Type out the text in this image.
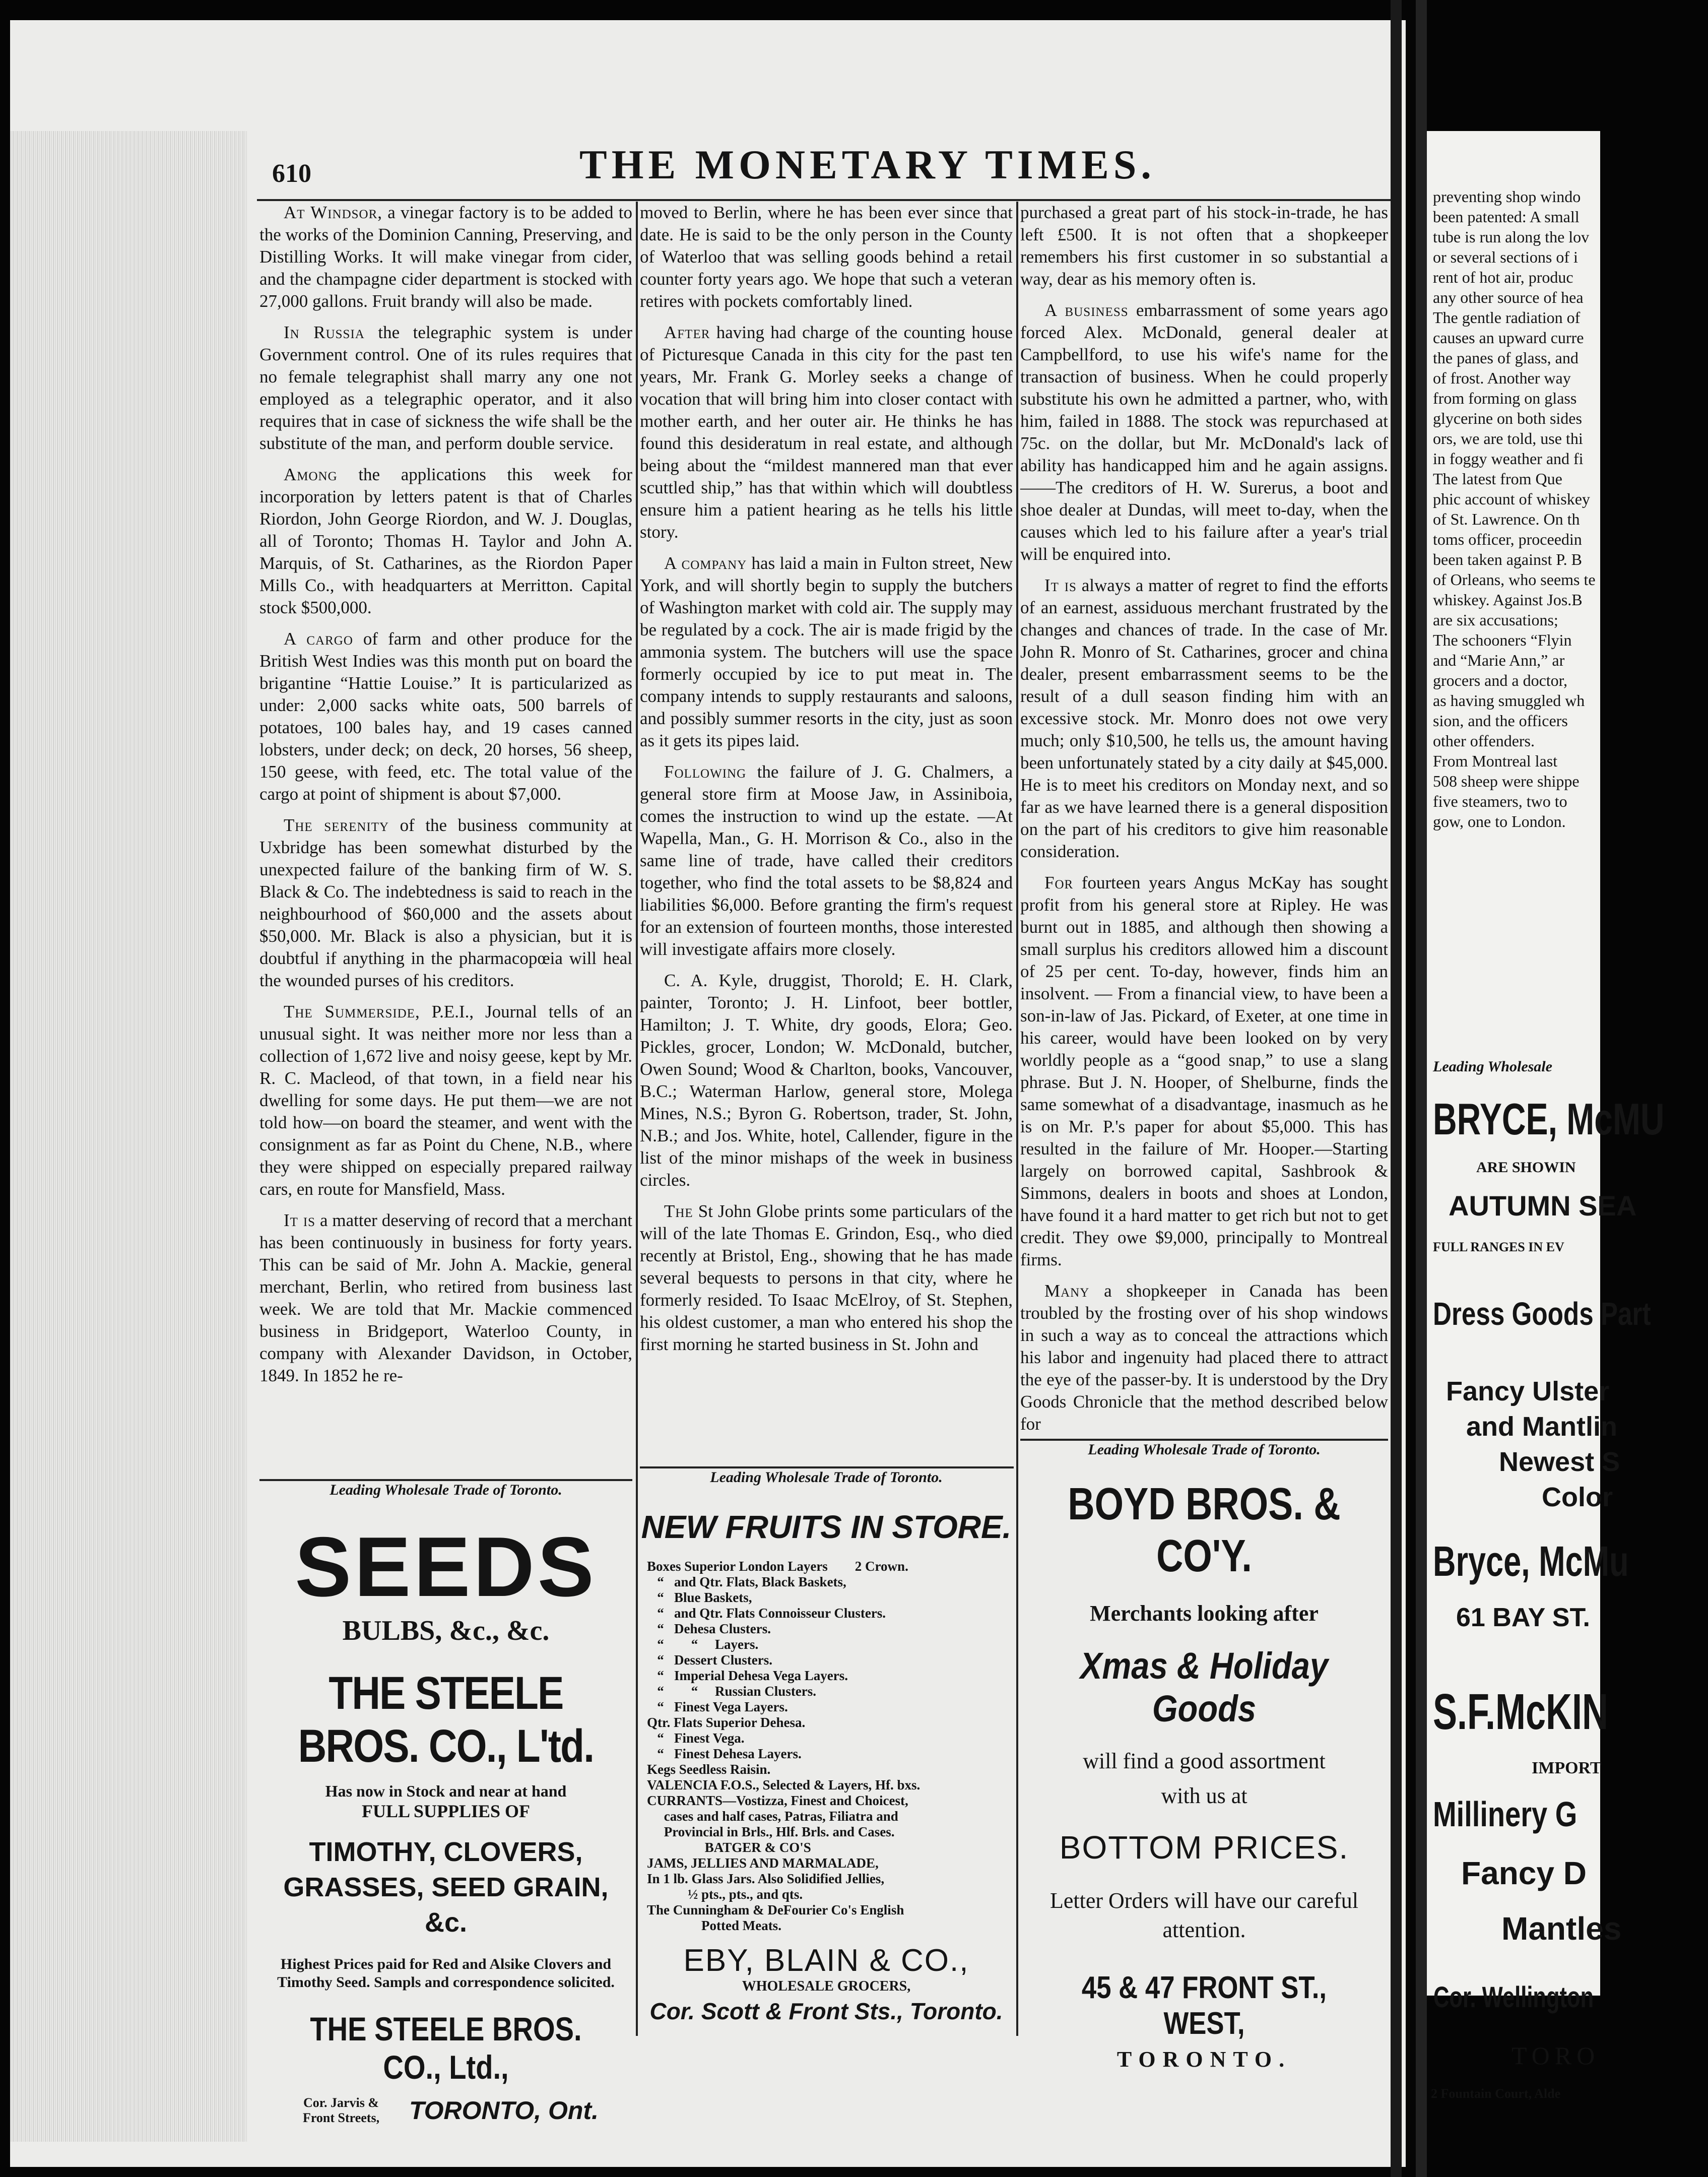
preventing shop windo
been patented: A small
tube is run along the lov
or several sections of i
rent of hot air, produc
any other source of hea
The gentle radiation of
causes an upward curre
the panes of glass, and
of frost. Another way
from forming on glass
glycerine on both sides
ors, we are told, use thi
in foggy weather and fi
The latest from Que
phic account of whiskey
of St. Lawrence. On th
toms officer, proceedin
been taken against P. B
of Orleans, who seems te
whiskey. Against Jos.B
are six accusations;
The schooners “Flyin
and “Marie Ann,” ar
grocers and a doctor,
as having smuggled wh
sion, and the officers
other offenders.
From Montreal last
508 sheep were shippe
five steamers, two to
gow, one to London.
Leading Wholesale
BRYCE, McMU
ARE SHOWIN
AUTUMN SEA
FULL RANGES IN EV
Dress Goods Part
Fancy Ulster
and Mantlin
Newest S
Color
Bryce, McMu
61 BAY ST.
S.F.McKIN
IMPORT
Millinery G
Fancy D
Mantles
Cor. Wellington
TORO
2 Fountain Court, Alde
610	THE MONETARY TIMES.

At Windsor, a vinegar factory is to be added to the works of the Dominion Canning, Preserving, and Distilling Works. It will make vinegar from cider, and the champagne cider department is stocked with 27,000 gallons. Fruit brandy will also be made.

In Russia the telegraphic system is under Government control. One of its rules requires that no female telegraphist shall marry any one not employed as a telegraphic operator, and it also requires that in case of sickness the wife shall be the substitute of the man, and perform double service.

Among the applications this week for incorporation by letters patent is that of Charles Riordon, John George Riordon, and W. J. Douglas, all of Toronto; Thomas H. Taylor and John A. Marquis, of St. Catharines, as the Riordon Paper Mills Co., with headquarters at Merritton. Capital stock $500,000.

A cargo of farm and other produce for the British West Indies was this month put on board the brigantine “Hattie Louise.” It is particularized as under: 2,000 sacks white oats, 500 barrels of potatoes, 100 bales hay, and 19 cases canned lobsters, under deck; on deck, 20 horses, 56 sheep, 150 geese, with feed, etc. The total value of the cargo at point of shipment is about $7,000.

The serenity of the business community at Uxbridge has been somewhat disturbed by the unexpected failure of the banking firm of W. S. Black & Co. The indebtedness is said to reach in the neighbourhood of $60,000 and the assets about $50,000. Mr. Black is also a physician, but it is doubtful if anything in the pharmacopœia will heal the wounded purses of his creditors.

The Summerside, P.E.I., Journal tells of an unusual sight. It was neither more nor less than a collection of 1,672 live and noisy geese, kept by Mr. R. C. Macleod, of that town, in a field near his dwelling for some days. He put them—we are not told how—on board the steamer, and went with the consignment as far as Point du Chene, N.B., where they were shipped on especially prepared railway cars, en route for Mansfield, Mass.

It is a matter deserving of record that a merchant has been continuously in business for forty years. This can be said of Mr. John A. Mackie, general merchant, Berlin, who retired from business last week. We are told that Mr. Mackie commenced business in Bridgeport, Waterloo County, in company with Alexander Davidson, in October, 1849. In 1852 he re-

moved to Berlin, where he has been ever since that date. He is said to be the only person in the County of Waterloo that was selling goods behind a retail counter forty years ago. We hope that such a veteran retires with pockets comfortably lined.

After having had charge of the counting house of Picturesque Canada in this city for the past ten years, Mr. Frank G. Morley seeks a change of vocation that will bring him into closer contact with mother earth, and her outer air. He thinks he has found this desideratum in real estate, and although being about the “mildest mannered man that ever scuttled ship,” has that within which will doubtless ensure him a patient hearing as he tells his little story.

A company has laid a main in Fulton street, New York, and will shortly begin to supply the butchers of Washington market with cold air. The supply may be regulated by a cock. The air is made frigid by the ammonia system. The butchers will use the space formerly occupied by ice to put meat in. The company intends to supply restaurants and saloons, and possibly summer resorts in the city, just as soon as it gets its pipes laid.

Following the failure of J. G. Chalmers, a general store firm at Moose Jaw, in Assiniboia, comes the instruction to wind up the estate. —At Wapella, Man., G. H. Morrison & Co., also in the same line of trade, have called their creditors together, who find the total assets to be $8,824 and liabilities $6,000. Before granting the firm's request for an extension of fourteen months, those interested will investigate affairs more closely.

C. A. Kyle, druggist, Thorold; E. H. Clark, painter, Toronto; J. H. Linfoot, beer bottler, Hamilton; J. T. White, dry goods, Elora; Geo. Pickles, grocer, London; W. McDonald, butcher, Owen Sound; Wood & Charlton, books, Vancouver, B.C.; Waterman Harlow, general store, Molega Mines, N.S.; Byron G. Robertson, trader, St. John, N.B.; and Jos. White, hotel, Callender, figure in the list of the minor mishaps of the week in business circles.

The St John Globe prints some particulars of the will of the late Thomas E. Grindon, Esq., who died recently at Bristol, Eng., showing that he has made several bequests to persons in that city, where he formerly resided. To Isaac McElroy, of St. Stephen, his oldest customer, a man who entered his shop the first morning he started business in St. John and

purchased a great part of his stock-in-trade, he has left £500. It is not often that a shopkeeper remembers his first customer in so substantial a way, dear as his memory often is.

A business embarrassment of some years ago forced Alex. McDonald, general dealer at Campbellford, to use his wife's name for the transaction of business. When he could properly substitute his own he admitted a partner, who, with him, failed in 1888. The stock was repurchased at 75c. on the dollar, but Mr. McDonald's lack of ability has handicapped him and he again assigns.——The creditors of H. W. Surerus, a boot and shoe dealer at Dundas, will meet to-day, when the causes which led to his failure after a year's trial will be enquired into.

It is always a matter of regret to find the efforts of an earnest, assiduous merchant frustrated by the changes and chances of trade. In the case of Mr. John R. Monro of St. Catharines, grocer and china dealer, present embarrassment seems to be the result of a dull season finding him with an excessive stock. Mr. Monro does not owe very much; only $10,500, he tells us, the amount having been unfortunately stated by a city daily at $45,000. He is to meet his creditors on Monday next, and so far as we have learned there is a general disposition on the part of his creditors to give him reasonable consideration.

For fourteen years Angus McKay has sought profit from his general store at Ripley. He was burnt out in 1885, and although then showing a small surplus his creditors allowed him a discount of 25 per cent. To-day, however, finds him an insolvent. — From a financial view, to have been a son-in-law of Jas. Pickard, of Exeter, at one time in his career, would have been looked on by very worldly people as a “good snap,” to use a slang phrase. But J. N. Hooper, of Shelburne, finds the same somewhat of a disadvantage, inasmuch as he is on Mr. P.'s paper for about $5,000. This has resulted in the failure of Mr. Hooper.—Starting largely on borrowed capital, Sashbrook & Simmons, dealers in boots and shoes at London, have found it a hard matter to get rich but not to get credit. They owe $9,000, principally to Montreal firms.

Many a shopkeeper in Canada has been troubled by the frosting over of his shop windows in such a way as to conceal the attractions which his labor and ingenuity had placed there to attract the eye of the passer-by. It is understood by the Dry Goods Chronicle that the method described below for

Leading Wholesale Trade of Toronto.
SEEDS
BULBS, &c., &c.
THE STEELE BROS. CO., L'td.
Has now in Stock and near at hand
FULL SUPPLIES OF
TIMOTHY, CLOVERS,
GRASSES, SEED GRAIN, &c.
Highest Prices paid for Red and Alsike Clovers and Timothy Seed. Sampls and correspondence solicited.
THE STEELE BROS. CO., Ltd.,
Cor. Jarvis & Front Streets,	TORONTO, Ont.
Leading Wholesale Trade of Toronto.
NEW FRUITS IN STORE.
Boxes Superior London Layers        2 Crown.
“   and Qtr. Flats, Black Baskets,
“   Blue Baskets,
“   and Qtr. Flats Connoisseur Clusters.
“   Dehesa Clusters.
“        “     Layers.
“   Dessert Clusters.
“   Imperial Dehesa Vega Layers.
“        “     Russian Clusters.
“   Finest Vega Layers.
Qtr. Flats Superior Dehesa.
“   Finest Vega.
“   Finest Dehesa Layers.
Kegs Seedless Raisin.
VALENCIA F.O.S., Selected & Layers, Hf. bxs.
CURRANTS—Vostizza, Finest and Choicest,
cases and half cases, Patras, Filiatra and
Provincial in Brls., Hlf. Brls. and Cases.
BATGER & CO'S
JAMS, JELLIES AND MARMALADE,
In 1 lb. Glass Jars. Also Solidified Jellies,
½ pts., pts., and qts.
The Cunningham & DeFourier Co's English
Potted Meats.
EBY, BLAIN & CO.,
WHOLESALE GROCERS,
Cor. Scott & Front Sts., Toronto.
Leading Wholesale Trade of Toronto.
BOYD BROS. & CO'Y.
Merchants looking after
Xmas & Holiday Goods
will find a good assortment
with us at
BOTTOM PRICES.
Letter Orders will have our careful attention.
45 & 47 FRONT ST., WEST,
TORONTO.
